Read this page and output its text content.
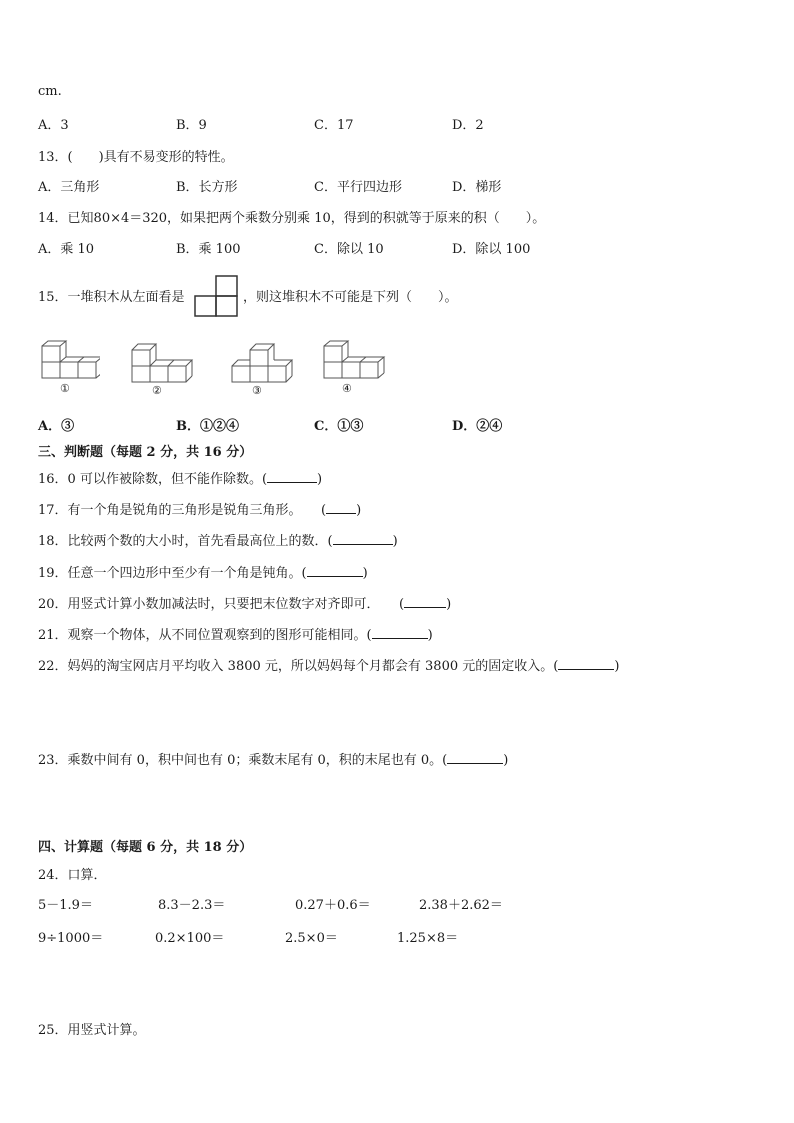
cm.
A．3	B．9	C．17	D．2
13．(　　)具有不易变形的特性。
A．三角形	B．长方形	C．平行四边形	D．梯形
14．已知80×4＝320，如果把两个乘数分别乘 10，得到的积就等于原来的积（　　）。
A．乘 10	B．乘 100	C．除以 10	D．除以 100
15．一堆积木从左面看是	，则这堆积木不可能是下列（　　）。
①	②	③	④
A．③	B．①②④	C．①③	D．②④
三、判断题（每题 2 分，共 16 分）
16．0 可以作被除数，但不能作除数。(	)
17．有一个角是锐角的三角形是锐角三角形。　　( )
18．比较两个数的大小时，首先看最高位上的数．(	)
19．任意一个四边形中至少有一个角是钝角。(	)
20．用竖式计算小数加减法时，只要把末位数字对齐即可．　　(	)
21．观察一个物体，从不同位置观察到的图形可能相同。(	)
22．妈妈的淘宝网店月平均收入 3800 元，所以妈妈每个月都会有 3800 元的固定收入。(	)
23．乘数中间有 0，积中间也有 0；乘数末尾有 0，积的末尾也有 0。(	)
四、计算题（每题 6 分，共 18 分）
24．口算．
5－1.9＝	8.3－2.3＝	0.27＋0.6＝	2.38＋2.62＝
9÷1000＝	0.2×100＝	2.5×0＝	1.25×8＝
25．用竖式计算。
